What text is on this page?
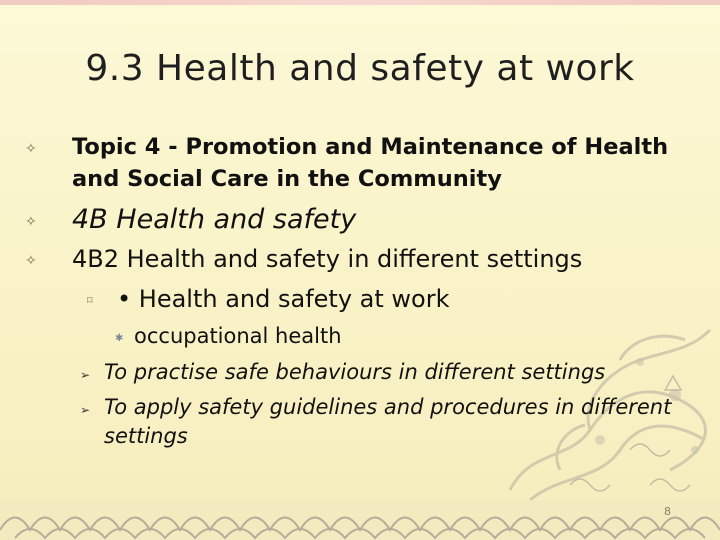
9.3 Health and safety at work
✧ Topic 4 - Promotion and Maintenance of Health and Social Care in the Community
✧ 4B Health and safety
✧ 4B2 Health and safety in different settings
⌑ • Health and safety at work
✱ occupational health
➢ To practise safe behaviours in different settings
➢ To apply safety guidelines and procedures in different settings
8
